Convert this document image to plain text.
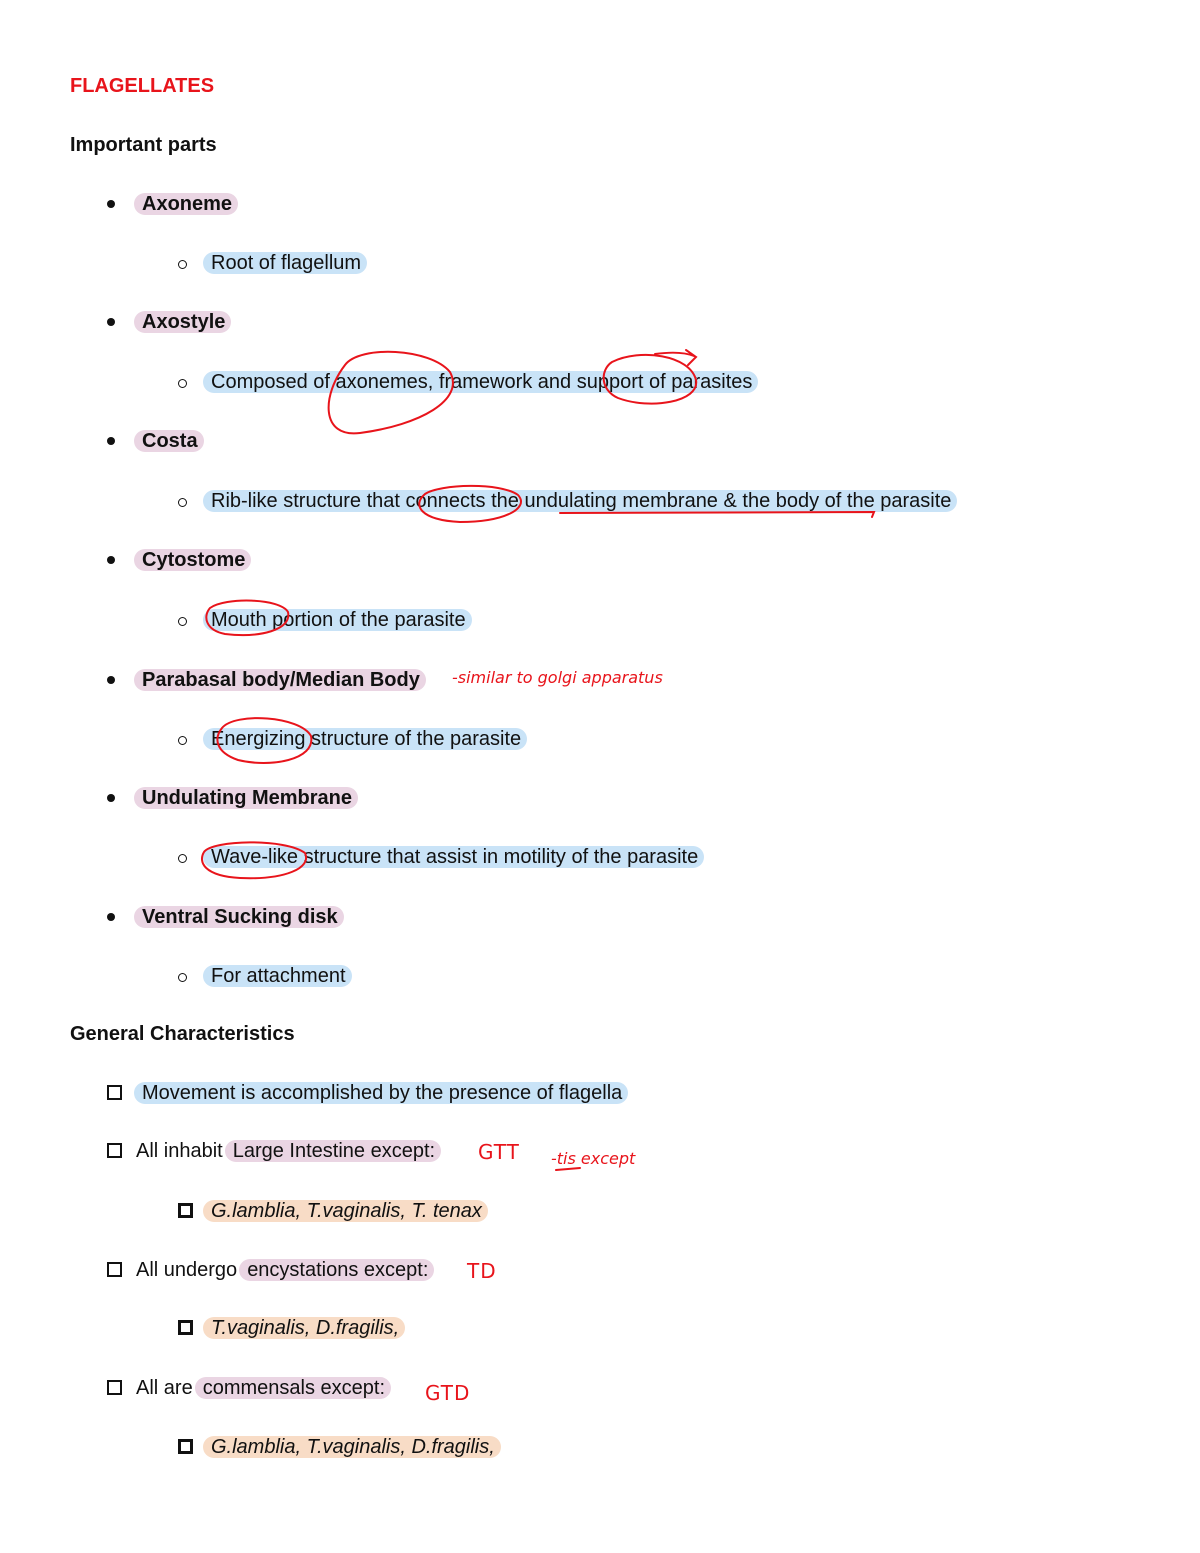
FLAGELLATES
Important parts
Axoneme
Root of flagellum
Axostyle
Composed of axonemes, framework and support of parasites
Costa
Rib-like structure that connects the undulating membrane & the body of the parasite
Cytostome
Mouth portion of the parasite
Parabasal body/Median Body	-similar to golgi apparatus
Energizing structure of the parasite
Undulating Membrane
Wave-like structure that assist in motility of the parasite
Ventral Sucking disk
For attachment
General Characteristics
Movement is accomplished by the presence of flagella
All inhabit Large Intestine except:	GTT -tis except
G.lamblia, T.vaginalis, T. tenax
All undergo encystations except:	TD
T.vaginalis, D.fragilis,
All are commensals except:	GTD
G.lamblia, T.vaginalis, D.fragilis,
